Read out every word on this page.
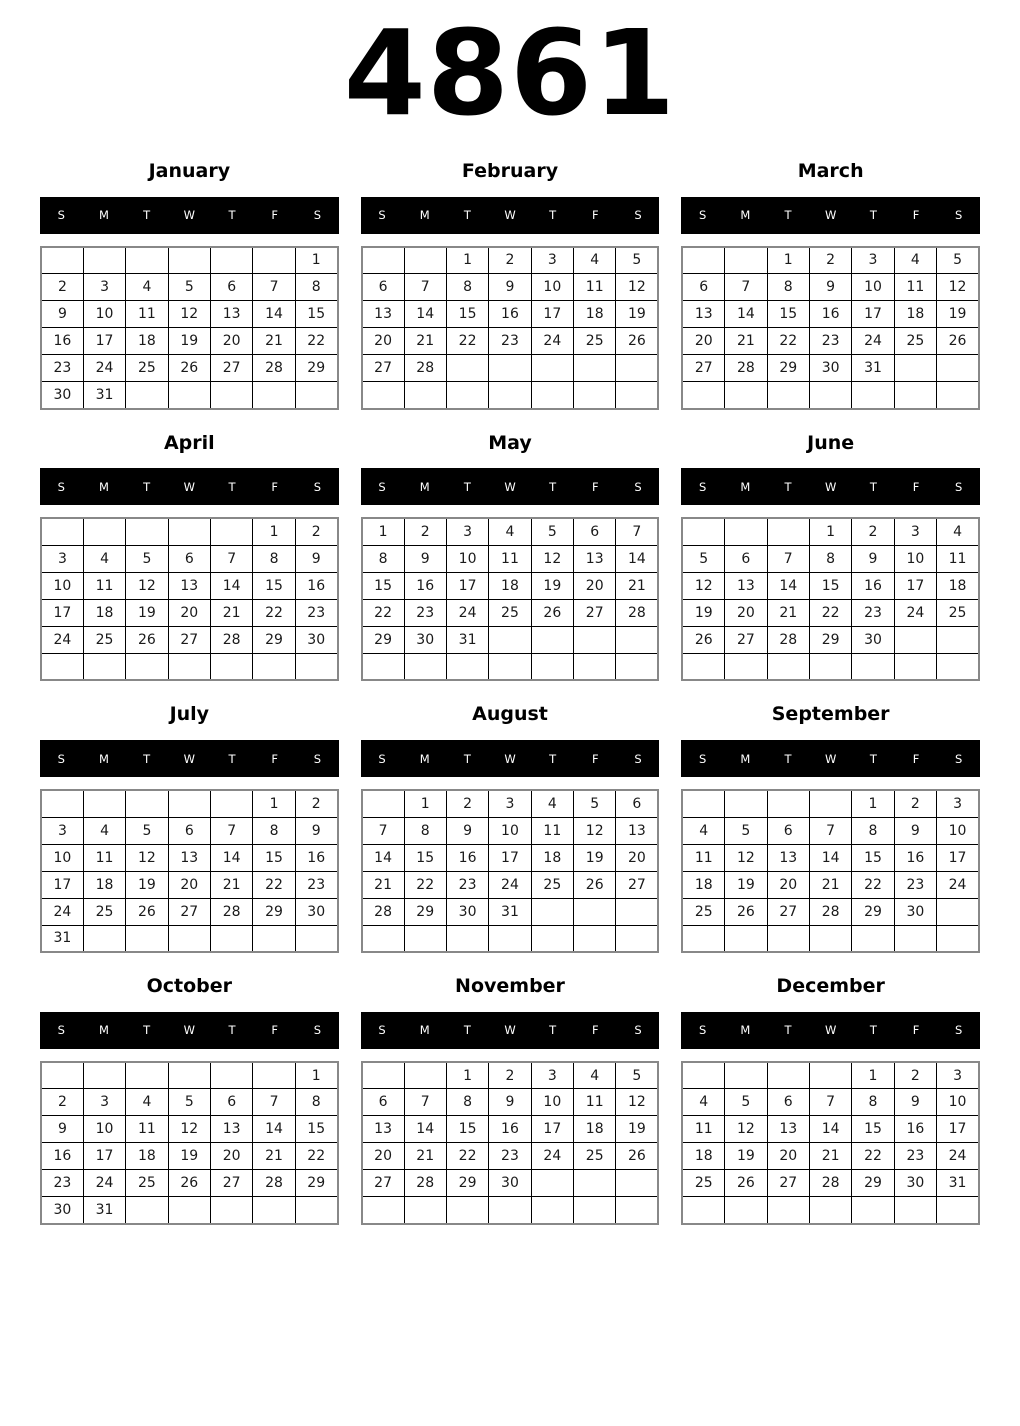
4861
January
S	M	T	W	T	F	S
						1
2	3	4	5	6	7	8
9	10	11	12	13	14	15
16	17	18	19	20	21	22
23	24	25	26	27	28	29
30	31					
February
S	M	T	W	T	F	S
		1	2	3	4	5
6	7	8	9	10	11	12
13	14	15	16	17	18	19
20	21	22	23	24	25	26
27	28					

March
S	M	T	W	T	F	S
		1	2	3	4	5
6	7	8	9	10	11	12
13	14	15	16	17	18	19
20	21	22	23	24	25	26
27	28	29	30	31		

April
S	M	T	W	T	F	S
					1	2
3	4	5	6	7	8	9
10	11	12	13	14	15	16
17	18	19	20	21	22	23
24	25	26	27	28	29	30

May
S	M	T	W	T	F	S
1	2	3	4	5	6	7
8	9	10	11	12	13	14
15	16	17	18	19	20	21
22	23	24	25	26	27	28
29	30	31				

June
S	M	T	W	T	F	S
			1	2	3	4
5	6	7	8	9	10	11
12	13	14	15	16	17	18
19	20	21	22	23	24	25
26	27	28	29	30		

July
S	M	T	W	T	F	S
					1	2
3	4	5	6	7	8	9
10	11	12	13	14	15	16
17	18	19	20	21	22	23
24	25	26	27	28	29	30
31						
August
S	M	T	W	T	F	S
	1	2	3	4	5	6
7	8	9	10	11	12	13
14	15	16	17	18	19	20
21	22	23	24	25	26	27
28	29	30	31			

September
S	M	T	W	T	F	S
				1	2	3
4	5	6	7	8	9	10
11	12	13	14	15	16	17
18	19	20	21	22	23	24
25	26	27	28	29	30	

October
S	M	T	W	T	F	S
						1
2	3	4	5	6	7	8
9	10	11	12	13	14	15
16	17	18	19	20	21	22
23	24	25	26	27	28	29
30	31					
November
S	M	T	W	T	F	S
		1	2	3	4	5
6	7	8	9	10	11	12
13	14	15	16	17	18	19
20	21	22	23	24	25	26
27	28	29	30			

December
S	M	T	W	T	F	S
				1	2	3
4	5	6	7	8	9	10
11	12	13	14	15	16	17
18	19	20	21	22	23	24
25	26	27	28	29	30	31
